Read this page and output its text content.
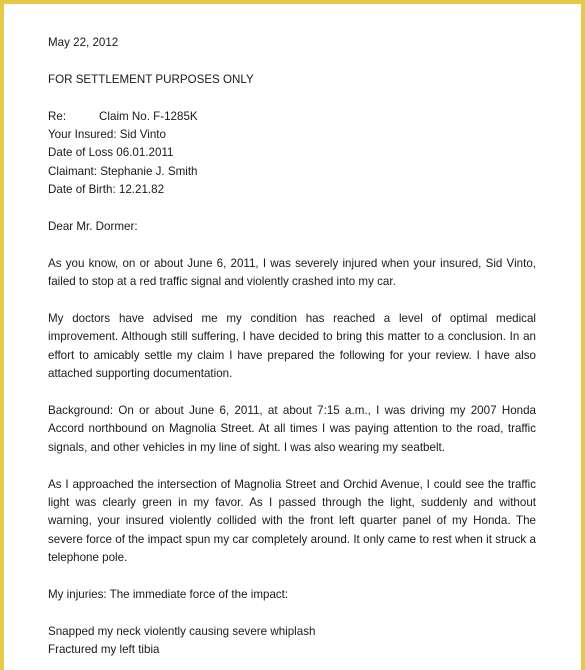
May 22, 2012
FOR SETTLEMENT PURPOSES ONLY
Re:	Claim No. F-1285K
Your Insured: Sid Vinto
Date of Loss 06.01.2011
Claimant: Stephanie J. Smith
Date of Birth: 12.21.82
Dear Mr. Dormer:

As you know, on or about June 6, 2011, I was severely injured when your insured, Sid Vinto, failed to stop at a red traffic signal and violently crashed into my car.

My doctors have advised me my condition has reached a level of optimal medical improvement. Although still suffering, I have decided to bring this matter to a conclusion. In an effort to amicably settle my claim I have prepared the following for your review. I have also attached supporting documentation.

Background: On or about June 6, 2011, at about 7:15 a.m., I was driving my 2007 Honda Accord northbound on Magnolia Street. At all times I was paying attention to the road, traffic signals, and other vehicles in my line of sight. I was also wearing my seatbelt.

As I approached the intersection of Magnolia Street and Orchid Avenue, I could see the traffic light was clearly green in my favor. As I passed through the light, suddenly and without warning, your insured violently collided with the front left quarter panel of my Honda. The severe force of the impact spun my car completely around. It only came to rest when it struck a telephone pole.

My injuries: The immediate force of the impact:
Snapped my neck violently causing severe whiplash
Fractured my left tibia
